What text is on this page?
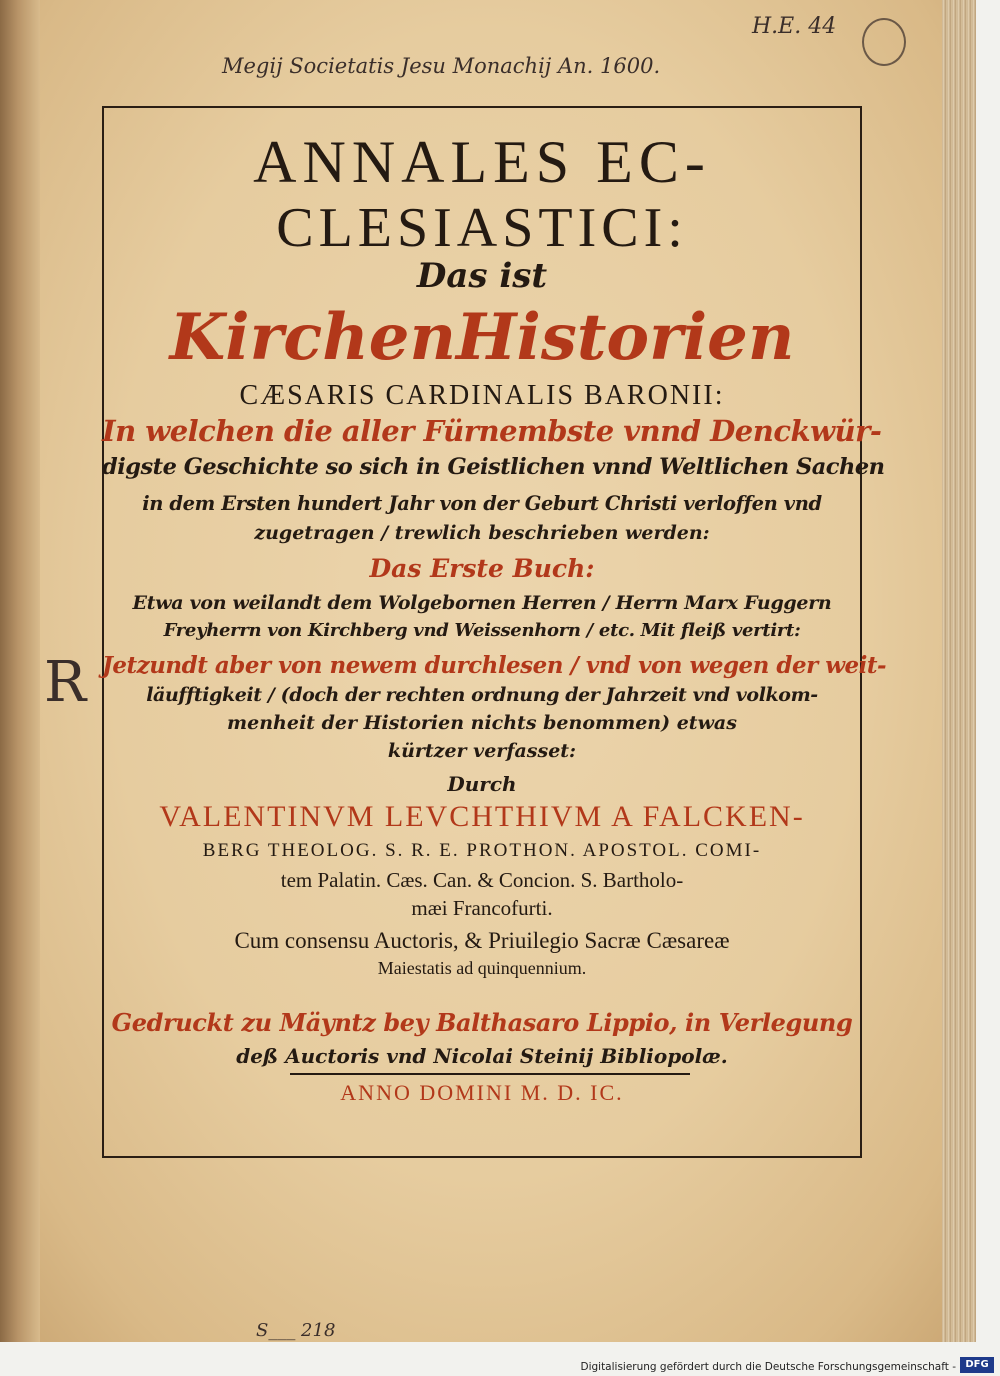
Megij Societatis Jesu Monachij An. 1600.
H.E. 44
R
S___ 218

ANNALES EC-

CLESIASTICI:

Das ist

KirchenHistorien

CÆSARIS CARDINALIS BARONII:

In welchen die aller Fürnembste vnnd Denckwür-

digste Geschichte so sich in Geistlichen vnnd Weltlichen Sachen

in dem Ersten hundert Jahr von der Geburt Christi verloffen vnd

zugetragen / trewlich beschrieben werden:

Das Erste Buch:

Etwa von weilandt dem Wolgebornen Herren / Herrn Marx Fuggern

Freyherrn von Kirchberg vnd Weissenhorn / etc. Mit fleiß vertirt:

Jetzundt aber von newem durchlesen / vnd von wegen der weit-

läufftigkeit / (doch der rechten ordnung der Jahrzeit vnd volkom-

menheit der Historien nichts benommen) etwas

kürtzer verfasset:

Durch

VALENTINVM LEVCHTHIVM A FALCKEN-

BERG THEOLOG. S. R. E. PROTHON. APOSTOL. COMI-

tem Palatin. Cæs. Can. & Concion. S. Bartholo-

mæi Francofurti.

Cum consensu Auctoris, & Priuilegio Sacræ Cæsareæ

Maiestatis ad quinquennium.

Gedruckt zu Mäyntz bey Balthasaro Lippio, in Verlegung

deß Auctoris vnd Nicolai Steinij Bibliopolæ.

ANNO DOMINI M. D. IC.

Digitalisierung gefördert durch die Deutsche Forschungsgemeinschaft - DFG
